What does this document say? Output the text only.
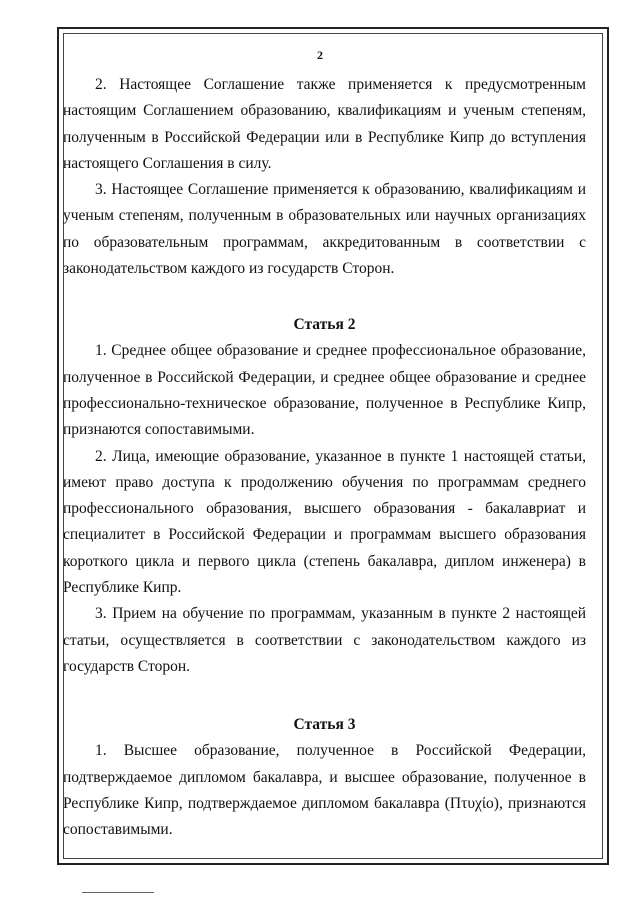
2

2. Настоящее Соглашение также применяется к предусмотренным настоящим Соглашением образованию, квалификациям и ученым степеням, полученным в Российской Федерации или в Республике Кипр до вступления настоящего Соглашения в силу.

3. Настоящее Соглашение применяется к образованию, квалификациям и ученым степеням, полученным в образовательных или научных организациях по образовательным программам, аккредитованным в соответствии с законодательством каждого из государств Сторон.

Статья 2

1. Среднее общее образование и среднее профессиональное образование, полученное в Российской Федерации, и среднее общее образование и среднее профессионально-техническое образование, полученное в Республике Кипр, признаются сопоставимыми.

2. Лица, имеющие образование, указанное в пункте 1 настоящей статьи, имеют право доступа к продолжению обучения по программам среднего профессионального образования, высшего образования - бакалавриат и специалитет в Российской Федерации и программам высшего образования короткого цикла и первого цикла (степень бакалавра, диплом инженера) в Республике Кипр.

3. Прием на обучение по программам, указанным в пункте 2 настоящей статьи, осуществляется в соответствии с законодательством каждого из государств Сторон.

Статья 3

1. Высшее образование, полученное в Российской Федерации, подтверждаемое дипломом бакалавра, и высшее образование, полученное в Республике Кипр, подтверждаемое дипломом бакалавра (Πτυχίο), признаются сопоставимыми.
